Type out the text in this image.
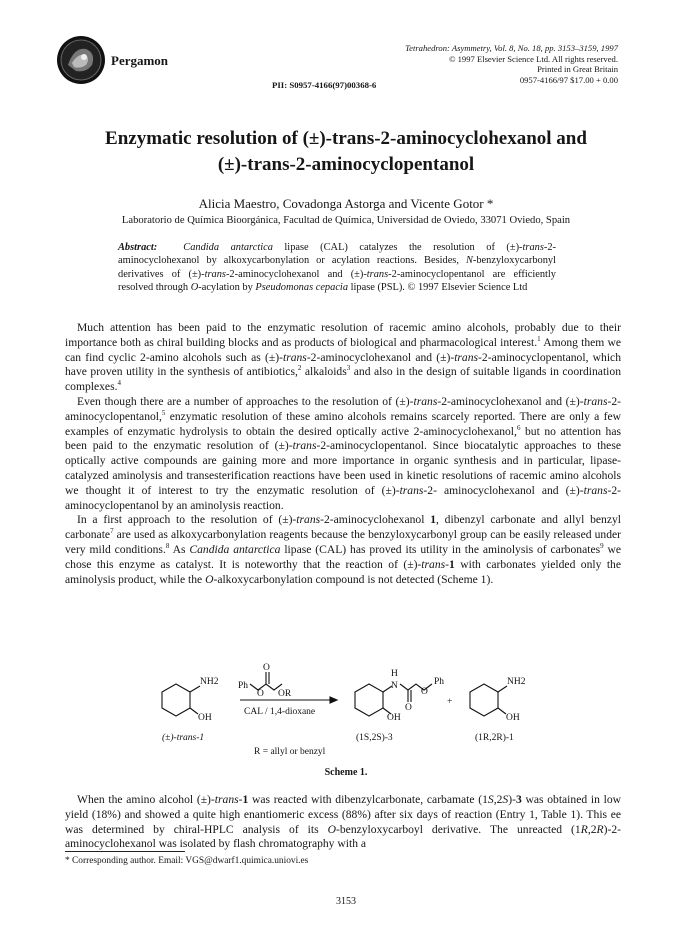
Pergamon
Tetrahedron: Asymmetry, Vol. 8, No. 18, pp. 3153–3159, 1997
© 1997 Elsevier Science Ltd. All rights reserved.
Printed in Great Britain
0957-4166/97 $17.00 + 0.00
PII: S0957-4166(97)00368-6
Enzymatic resolution of (±)-trans-2-aminocyclohexanol and
(±)-trans-2-aminocyclopentanol
Alicia Maestro, Covadonga Astorga and Vicente Gotor *
Laboratorio de Química Bioorgánica, Facultad de Química, Universidad de Oviedo, 33071 Oviedo, Spain
Abstract:	Candida antarctica lipase (CAL) catalyzes the resolution of (±)-trans-2-aminocyclohexanol by alkoxycarbonylation or acylation reactions. Besides, N-benzyloxycarbonyl derivatives of (±)-trans-2-aminocyclohexanol and (±)-trans-2-aminocyclopentanol are efficiently resolved through O-acylation by Pseudomonas cepacia lipase (PSL). © 1997 Elsevier Science Ltd

Much attention has been paid to the enzymatic resolution of racemic amino alcohols, probably due to their importance both as chiral building blocks and as products of biological and pharmacological interest.$^1$ Among them we can find cyclic 2-amino alcohols such as (±)-trans-2-aminocyclohexanol and (±)-trans-2-aminocyclopentanol, which have proven utility in the synthesis of antibiotics,$^2$ alkaloids$^3$ and also in the design of suitable ligands in coordination complexes.$^4$

Even though there are a number of approaches to the resolution of (±)-trans-2-aminocyclohexanol and (±)-trans-2-aminocyclopentanol,$^5$ enzymatic resolution of these amino alcohols remains scarcely reported. There are only a few examples of enzymatic hydrolysis to obtain the desired optically active 2-aminocyclohexanol,$^6$ but no attention has been paid to the enzymatic resolution of (±)-trans-2-aminocyclopentanol. Since biocatalytic approaches to these optically active compounds are gaining more and more importance in organic synthesis and in particular, lipase-catalyzed aminolysis and transesterification reactions have been used in kinetic resolutions of racemic amino alcohols we thought it of interest to try the enzymatic resolution of (±)-trans-2- aminocyclohexanol and (±)-trans-2-aminocyclopentanol by an aminolysis reaction.

In a first approach to the resolution of (±)-trans-2-aminocyclohexanol 1, dibenzyl carbonate and allyl benzyl carbonate$^7$ are used as alkoxycarbonylation reagents because the benzyloxycarbonyl group can be easily released under very mild conditions.$^8$ As Candida antarctica lipase (CAL) has proved its utility in the aminolysis of carbonates$^9$ we chose this enzyme as catalyst. It is noteworthy that the reaction of (±)-trans-1 with carbonates yielded only the aminolysis product, while the O-alkoxycarbonylation compound is not detected (Scheme 1).

NH2
OH
Ph
O
O
OR
CAL / 1,4-dioxane
H
N
O
O
Ph
OH
+
NH2
OH
(±)-trans-1
R = allyl or benzyl
(1S,2S)-3	(1R,2R)-1
Scheme 1.

When the amino alcohol (±)-trans-1 was reacted with dibenzylcarbonate, carbamate (1S,2S)-3 was obtained in low yield (18%) and showed a quite high enantiomeric excess (88%) after six days of reaction (Entry 1, Table 1). This ee was determined by chiral-HPLC analysis of its O-benzyloxycarboyl derivative. The unreacted (1R,2R)-2-aminocyclohexanol was isolated by flash chromatography with a

* Corresponding author. Email: VGS@dwarf1.quimica.uniovi.es
3153
